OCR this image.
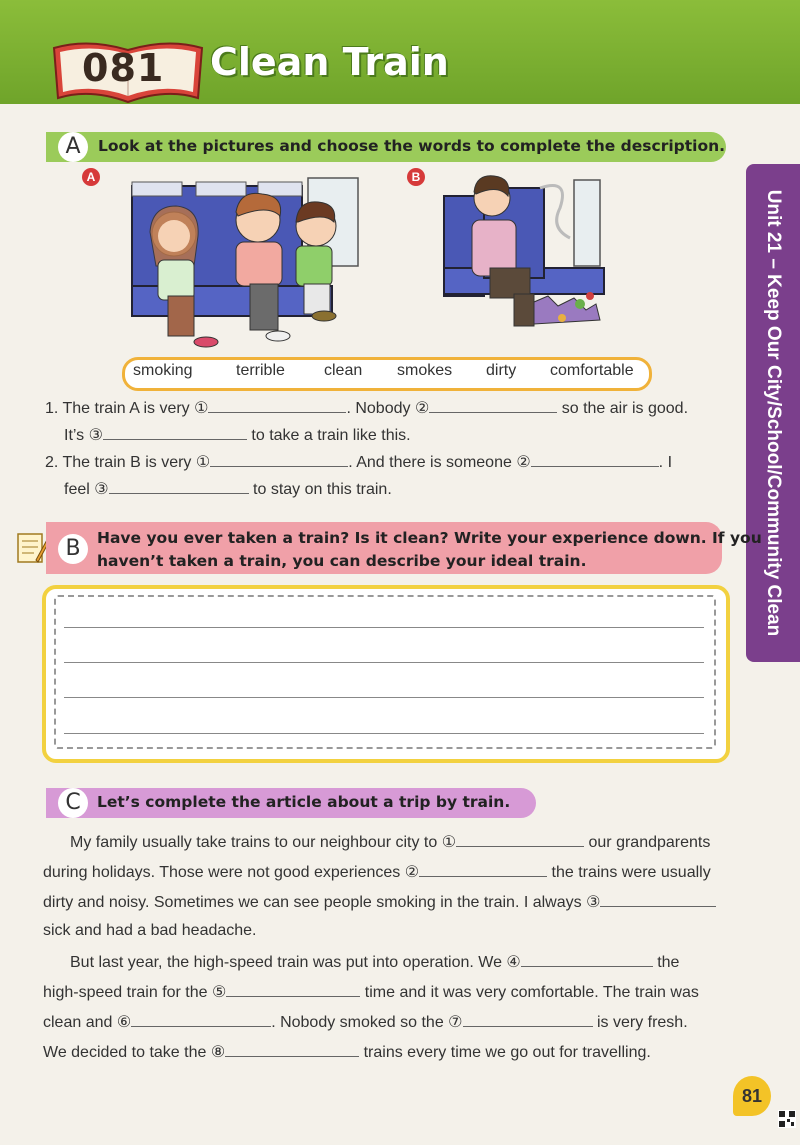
081 Clean Train
Unit 21 – Keep Our City/School/Community Clean
A	Look at the pictures and choose the words to complete the description.
A	B
smoking	terrible clean smokes dirty comfortable
1. The train A is very ①	. Nobody ②	so the air is good.
It’s ③	to take a train like this.
2. The train B is very ①	. And there is someone ②	. I
feel ③	to stay on this train.
B	Have you ever taken a train? Is it clean? Write your experience down. If you
haven’t taken a train, you can describe your ideal train.
C	Let’s complete the article about a trip by train.
My family usually take trains to our neighbour city to ①	our grandparents
during holidays. Those were not good experiences ②	the trains were usually
dirty and noisy. Sometimes we can see people smoking in the train. I always ③
sick and had a bad headache.
But last year, the high-speed train was put into operation. We ④	the
high-speed train for the ⑤	time and it was very comfortable. The train was
clean and ⑥	. Nobody smoked so the ⑦	is very fresh.
We decided to take the ⑧	trains every time we go out for travelling.
81
